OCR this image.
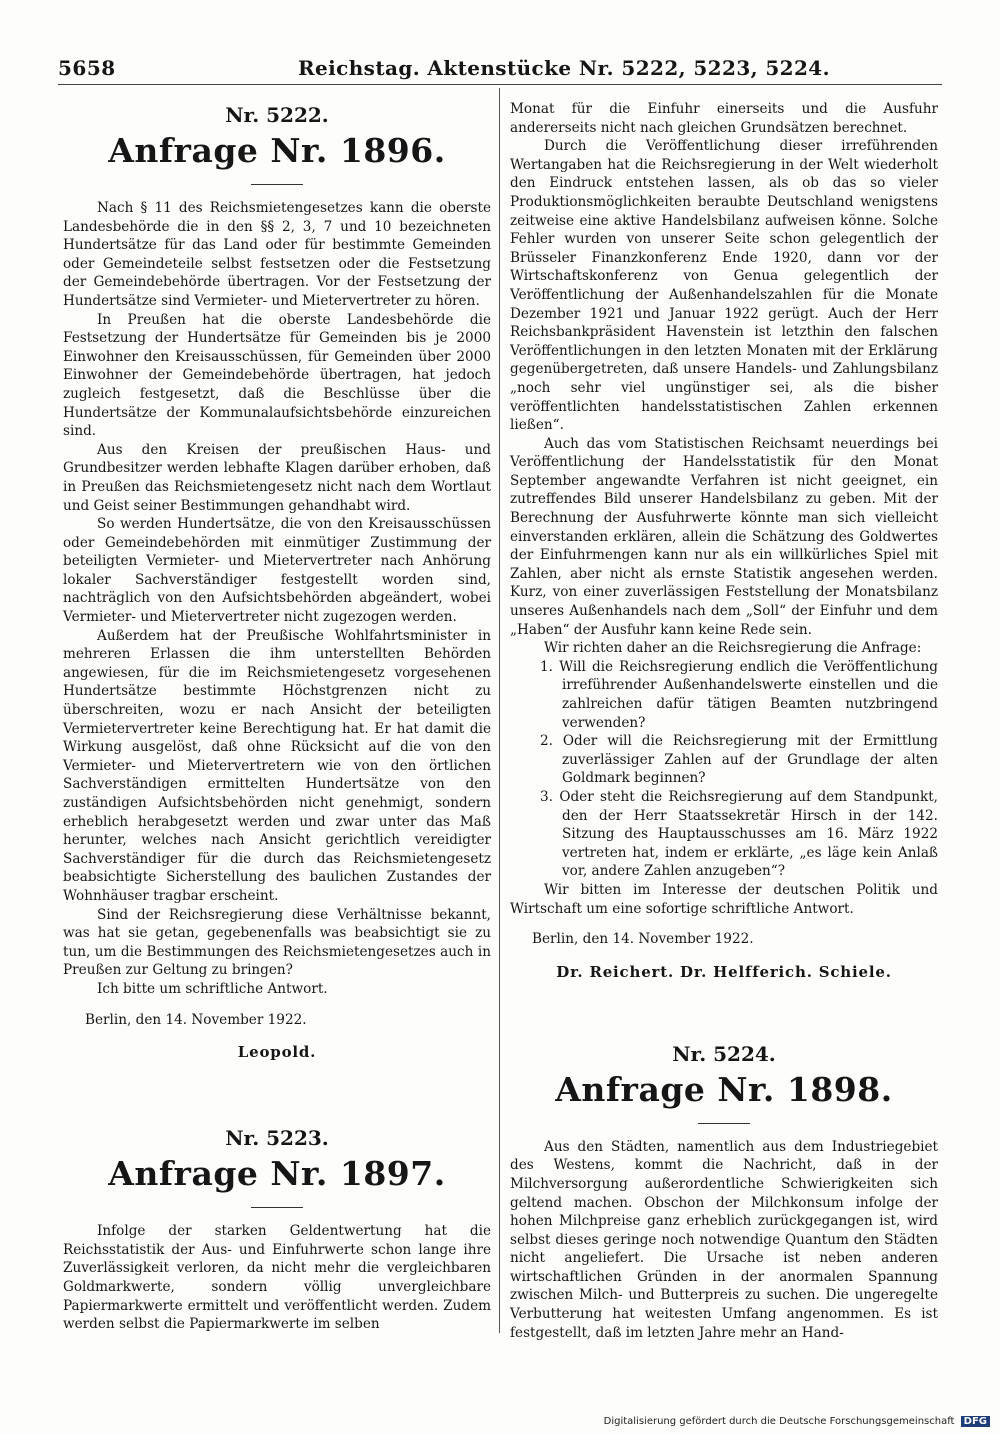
5658	Reichstag. Aktenstücke Nr. 5222, 5223, 5224.

Nr. 5222.

Anfrage Nr. 1896.

Nach § 11 des Reichsmietengesetzes kann die oberste Landesbehörde die in den §§ 2, 3, 7 und 10 bezeichneten Hundertsätze für das Land oder für bestimmte Gemeinden oder Gemeindeteile selbst festsetzen oder die Festsetzung der Gemeindebehörde übertragen. Vor der Festsetzung der Hundertsätze sind Vermieter- und Mietervertreter zu hören.

In Preußen hat die oberste Landesbehörde die Festsetzung der Hundertsätze für Gemeinden bis je 2000 Einwohner den Kreisausschüssen, für Gemeinden über 2000 Einwohner der Gemeindebehörde übertragen, hat jedoch zugleich festgesetzt, daß die Beschlüsse über die Hundertsätze der Kommunalaufsichtsbehörde einzureichen sind.

Aus den Kreisen der preußischen Haus- und Grundbesitzer werden lebhafte Klagen darüber erhoben, daß in Preußen das Reichsmietengesetz nicht nach dem Wortlaut und Geist seiner Bestimmungen gehandhabt wird.

So werden Hundertsätze, die von den Kreisausschüssen oder Gemeindebehörden mit einmütiger Zustimmung der beteiligten Vermieter- und Mietervertreter nach Anhörung lokaler Sachverständiger festgestellt worden sind, nachträglich von den Aufsichtsbehörden abgeändert, wobei Vermieter- und Mietervertreter nicht zugezogen werden.

Außerdem hat der Preußische Wohlfahrtsminister in mehreren Erlassen die ihm unterstellten Behörden angewiesen, für die im Reichsmietengesetz vorgesehenen Hundertsätze bestimmte Höchstgrenzen nicht zu überschreiten, wozu er nach Ansicht der beteiligten Vermietervertreter keine Berechtigung hat. Er hat damit die Wirkung ausgelöst, daß ohne Rücksicht auf die von den Vermieter- und Mietervertretern wie von den örtlichen Sachverständigen ermittelten Hundertsätze von den zuständigen Aufsichtsbehörden nicht genehmigt, sondern erheblich herabgesetzt werden und zwar unter das Maß herunter, welches nach Ansicht gerichtlich vereidigter Sachverständiger für die durch das Reichsmietengesetz beabsichtigte Sicherstellung des baulichen Zustandes der Wohnhäuser tragbar erscheint.

Sind der Reichsregierung diese Verhältnisse bekannt, was hat sie getan, gegebenenfalls was beabsichtigt sie zu tun, um die Bestimmungen des Reichsmietengesetzes auch in Preußen zur Geltung zu bringen?

Ich bitte um schriftliche Antwort.

Berlin, den 14. November 1922.

Leopold.

Nr. 5223.

Anfrage Nr. 1897.

Infolge der starken Geldentwertung hat die Reichsstatistik der Aus- und Einfuhrwerte schon lange ihre Zuverlässigkeit verloren, da nicht mehr die vergleichbaren Goldmarkwerte, sondern völlig unvergleichbare Papiermarkwerte ermittelt und veröffentlicht werden. Zudem werden selbst die Papiermarkwerte im selben

Monat für die Einfuhr einerseits und die Ausfuhr andererseits nicht nach gleichen Grundsätzen berechnet.

Durch die Veröffentlichung dieser irreführenden Wertangaben hat die Reichsregierung in der Welt wiederholt den Eindruck entstehen lassen, als ob das so vieler Produktionsmöglichkeiten beraubte Deutschland wenigstens zeitweise eine aktive Handelsbilanz aufweisen könne. Solche Fehler wurden von unserer Seite schon gelegentlich der Brüsseler Finanzkonferenz Ende 1920, dann vor der Wirtschaftskonferenz von Genua gelegentlich der Veröffentlichung der Außenhandelszahlen für die Monate Dezember 1921 und Januar 1922 gerügt. Auch der Herr Reichsbankpräsident Havenstein ist letzthin den falschen Veröffentlichungen in den letzten Monaten mit der Erklärung gegenübergetreten, daß unsere Handels- und Zahlungsbilanz „noch sehr viel ungünstiger sei, als die bisher veröffentlichten handelsstatistischen Zahlen erkennen ließen“.

Auch das vom Statistischen Reichsamt neuerdings bei Veröffentlichung der Handelsstatistik für den Monat September angewandte Verfahren ist nicht geeignet, ein zutreffendes Bild unserer Handelsbilanz zu geben. Mit der Berechnung der Ausfuhrwerte könnte man sich vielleicht einverstanden erklären, allein die Schätzung des Goldwertes der Einfuhrmengen kann nur als ein willkürliches Spiel mit Zahlen, aber nicht als ernste Statistik angesehen werden. Kurz, von einer zuverlässigen Feststellung der Monatsbilanz unseres Außenhandels nach dem „Soll“ der Einfuhr und dem „Haben“ der Ausfuhr kann keine Rede sein.

Wir richten daher an die Reichsregierung die Anfrage:

1. Will die Reichsregierung endlich die Veröffentlichung irreführender Außenhandelswerte einstellen und die zahlreichen dafür tätigen Beamten nutzbringend verwenden?

2. Oder will die Reichsregierung mit der Ermittlung zuverlässiger Zahlen auf der Grundlage der alten Goldmark beginnen?

3. Oder steht die Reichsregierung auf dem Standpunkt, den der Herr Staatssekretär Hirsch in der 142. Sitzung des Hauptausschusses am 16. März 1922 vertreten hat, indem er erklärte, „es läge kein Anlaß vor, andere Zahlen anzugeben“?

Wir bitten im Interesse der deutschen Politik und Wirtschaft um eine sofortige schriftliche Antwort.

Berlin, den 14. November 1922.

Dr. Reichert. Dr. Helfferich. Schiele.

Nr. 5224.

Anfrage Nr. 1898.

Aus den Städten, namentlich aus dem Industriegebiet des Westens, kommt die Nachricht, daß in der Milchversorgung außerordentliche Schwierigkeiten sich geltend machen. Obschon der Milchkonsum infolge der hohen Milchpreise ganz erheblich zurückgegangen ist, wird selbst dieses geringe noch notwendige Quantum den Städten nicht angeliefert. Die Ursache ist neben anderen wirtschaftlichen Gründen in der anormalen Spannung zwischen Milch- und Butterpreis zu suchen. Die ungeregelte Verbutterung hat weitesten Umfang angenommen. Es ist festgestellt, daß im letzten Jahre mehr an Hand-

Digitalisierung gefördert durch die Deutsche Forschungsgemeinschaft DFG
